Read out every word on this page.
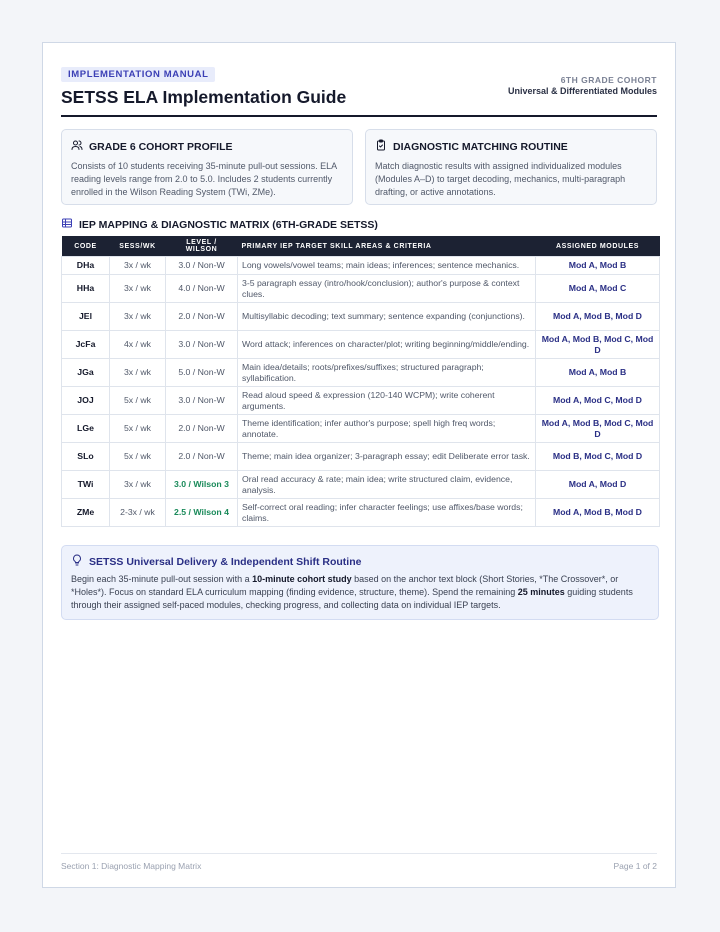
IMPLEMENTATION MANUAL
SETSS ELA Implementation Guide
6TH GRADE COHORT
Universal & Differentiated Modules
GRADE 6 COHORT PROFILE
Consists of 10 students receiving 35-minute pull-out sessions. ELA reading levels range from 2.0 to 5.0. Includes 2 students currently enrolled in the Wilson Reading System (TWi, ZMe).
DIAGNOSTIC MATCHING ROUTINE
Match diagnostic results with assigned individualized modules (Modules A–D) to target decoding, mechanics, multi-paragraph drafting, or active annotations.
IEP MAPPING & DIAGNOSTIC MATRIX (6TH-GRADE SETSS)
CODE	SESS/WK	LEVEL / WILSON	PRIMARY IEP TARGET SKILL AREAS & CRITERIA	ASSIGNED MODULES
DHa	3x / wk	3.0 / Non-W	Long vowels/vowel teams; main ideas; inferences; sentence mechanics.	Mod A, Mod B
HHa	3x / wk	4.0 / Non-W	3-5 paragraph essay (intro/hook/conclusion); author's purpose & context clues.	Mod A, Mod C
JEl	3x / wk	2.0 / Non-W	Multisyllabic decoding; text summary; sentence expanding (conjunctions).	Mod A, Mod B, Mod D
JcFa	4x / wk	3.0 / Non-W	Word attack; inferences on character/plot; writing beginning/middle/ending.	Mod A, Mod B, Mod C, Mod D
JGa	3x / wk	5.0 / Non-W	Main idea/details; roots/prefixes/suffixes; structured paragraph; syllabification.	Mod A, Mod B
JOJ	5x / wk	3.0 / Non-W	Read aloud speed & expression (120-140 WCPM); write coherent arguments.	Mod A, Mod C, Mod D
LGe	5x / wk	2.0 / Non-W	Theme identification; infer author's purpose; spell high freq words; annotate.	Mod A, Mod B, Mod C, Mod D
SLo	5x / wk	2.0 / Non-W	Theme; main idea organizer; 3-paragraph essay; edit Deliberate error task.	Mod B, Mod C, Mod D
TWi	3x / wk	3.0 / Wilson 3	Oral read accuracy & rate; main idea; write structured claim, evidence, analysis.	Mod A, Mod D
ZMe	2-3x / wk	2.5 / Wilson 4	Self-correct oral reading; infer character feelings; use affixes/base words; claims.	Mod A, Mod B, Mod D
SETSS Universal Delivery & Independent Shift Routine
Begin each 35-minute pull-out session with a 10-minute cohort study based on the anchor text block (Short Stories, *The Crossover*, or *Holes*). Focus on standard ELA curriculum mapping (finding evidence, structure, theme). Spend the remaining 25 minutes guiding students through their assigned self-paced modules, checking progress, and collecting data on individual IEP targets.
Section 1: Diagnostic Mapping Matrix	Page 1 of 2
